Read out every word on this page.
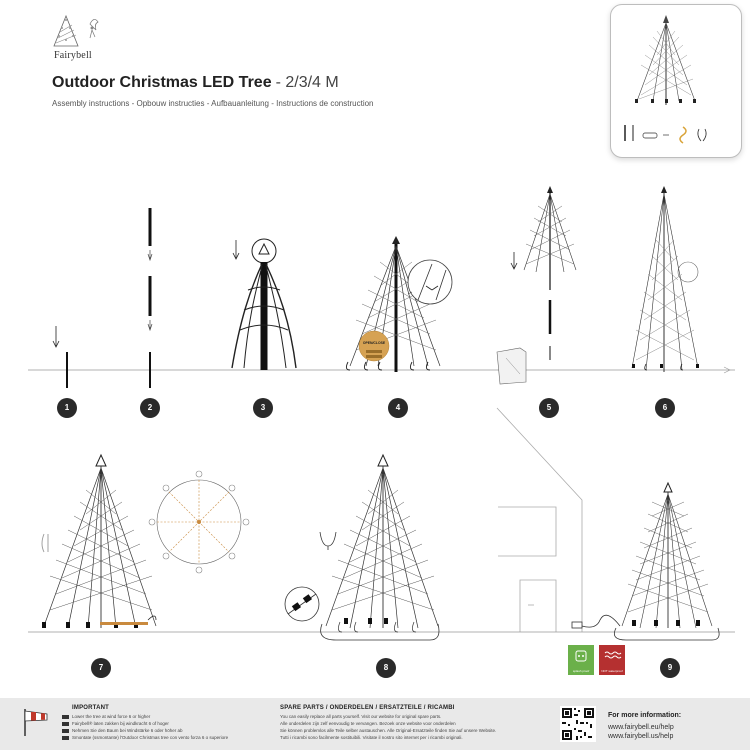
Fairybell
Outdoor Christmas LED Tree - 2/3/4 M
Assembly instructions - Opbouw instructies - Aufbauanleitung - Instructions de construction
OPEN/CLOSE
1	2	3	4	5	6
7	8	9
splash proof	NOT waterproof
IMPORTANT
Lower the tree at wind force 6 or higher
Fairybell® laten zakken bij windkracht 6 of hoger
Nehmen Sie den Baum bei Windstärke 6 oder höher ab
Smontate (ssmontante) l'Outdoor Christmas tree con vento forza 6 o superiore
SPARE PARTS / ONDERDELEN / ERSATZTEILE / RICAMBI
You can easily replace all parts yourself. Visit our website for original spare parts.
Alle onderdelen zijn zelf eenvoudig te vervangen. Bezoek onze website voor onderdelen
Sie können problemlos alle Teile selber austauschen. Alle Original-Ersatzteile finden Sie auf unsere Website.
Tutti i ricambi sono facilmente sostituibili. Visitate il nostro sito internet per i ricambi originali.
For more information:
www.fairybell.eu/help
www.fairybell.us/help
